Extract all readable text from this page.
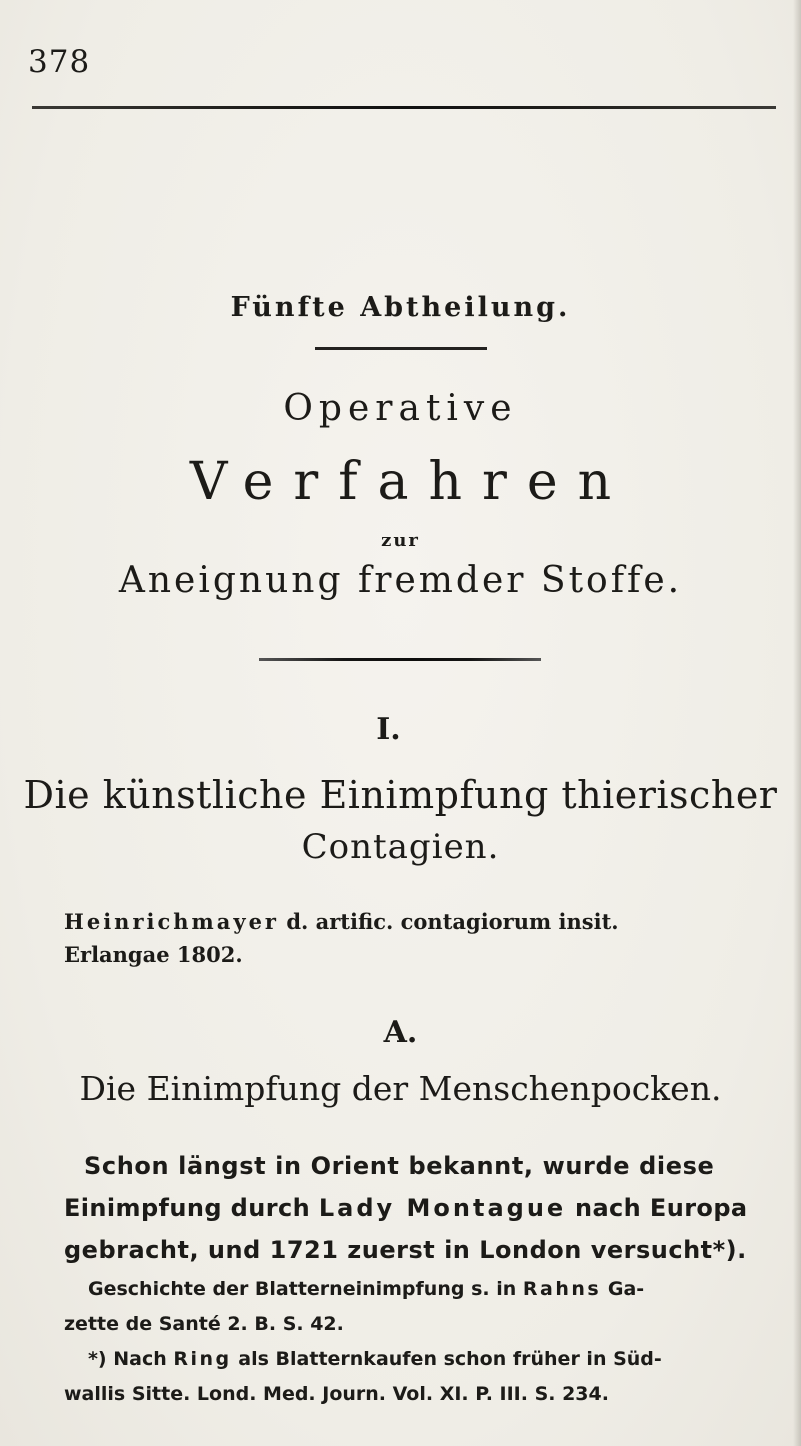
378
Fünfte Abtheilung.
Operative
Verfahren
zur
Aneignung fremder Stoffe.
I.
Die künstliche Einimpfung thierischer
Contagien.
Heinrichmayer d. artific. contagiorum insit.
Erlangae 1802.
A.
Die Einimpfung der Menschenpocken.
Schon längst in Orient bekannt, wurde diese
Einimpfung durch Lady Montague nach Europa
gebracht, und 1721 zuerst in London versucht*).
Geschichte der Blatterneinimpfung s. in Rahns Ga-
zette de Santé 2. B. S. 42.
*) Nach Ring als Blatternkaufen schon früher in Süd-
wallis Sitte. Lond. Med. Journ. Vol. XI. P. III. S. 234.
